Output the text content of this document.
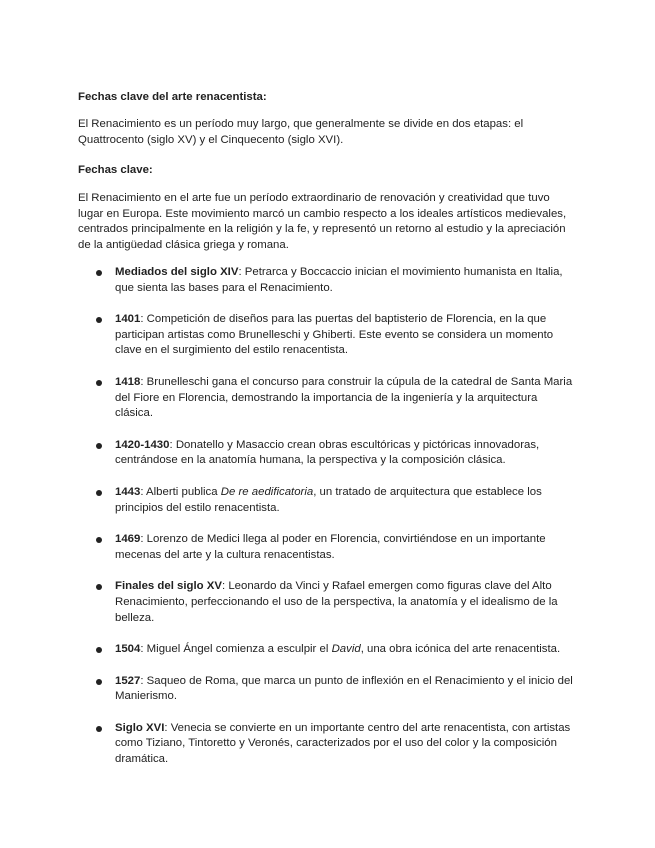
Fechas clave del arte renacentista:

El Renacimiento es un período muy largo, que generalmente se divide en dos etapas: el Quattrocento (siglo XV) y el Cinquecento (siglo XVI).

Fechas clave:

El Renacimiento en el arte fue un período extraordinario de renovación y creatividad que tuvo lugar en Europa. Este movimiento marcó un cambio respecto a los ideales artísticos medievales, centrados principalmente en la religión y la fe, y representó un retorno al estudio y la apreciación de la antigüedad clásica griega y romana.

Mediados del siglo XIV: Petrarca y Boccaccio inician el movimiento humanista en Italia, que sienta las bases para el Renacimiento.
1401: Competición de diseños para las puertas del baptisterio de Florencia, en la que participan artistas como Brunelleschi y Ghiberti. Este evento se considera un momento clave en el surgimiento del estilo renacentista.
1418: Brunelleschi gana el concurso para construir la cúpula de la catedral de Santa Maria del Fiore en Florencia, demostrando la importancia de la ingeniería y la arquitectura clásica.
1420-1430: Donatello y Masaccio crean obras escultóricas y pictóricas innovadoras, centrándose en la anatomía humana, la perspectiva y la composición clásica.
1443: Alberti publica De re aedificatoria, un tratado de arquitectura que establece los principios del estilo renacentista.
1469: Lorenzo de Medici llega al poder en Florencia, convirtiéndose en un importante mecenas del arte y la cultura renacentistas.
Finales del siglo XV: Leonardo da Vinci y Rafael emergen como figuras clave del Alto Renacimiento, perfeccionando el uso de la perspectiva, la anatomía y el idealismo de la belleza.
1504: Miguel Ángel comienza a esculpir el David, una obra icónica del arte renacentista.
1527: Saqueo de Roma, que marca un punto de inflexión en el Renacimiento y el inicio del Manierismo.
Siglo XVI: Venecia se convierte en un importante centro del arte renacentista, con artistas como Tiziano, Tintoretto y Veronés, caracterizados por el uso del color y la composición dramática.
